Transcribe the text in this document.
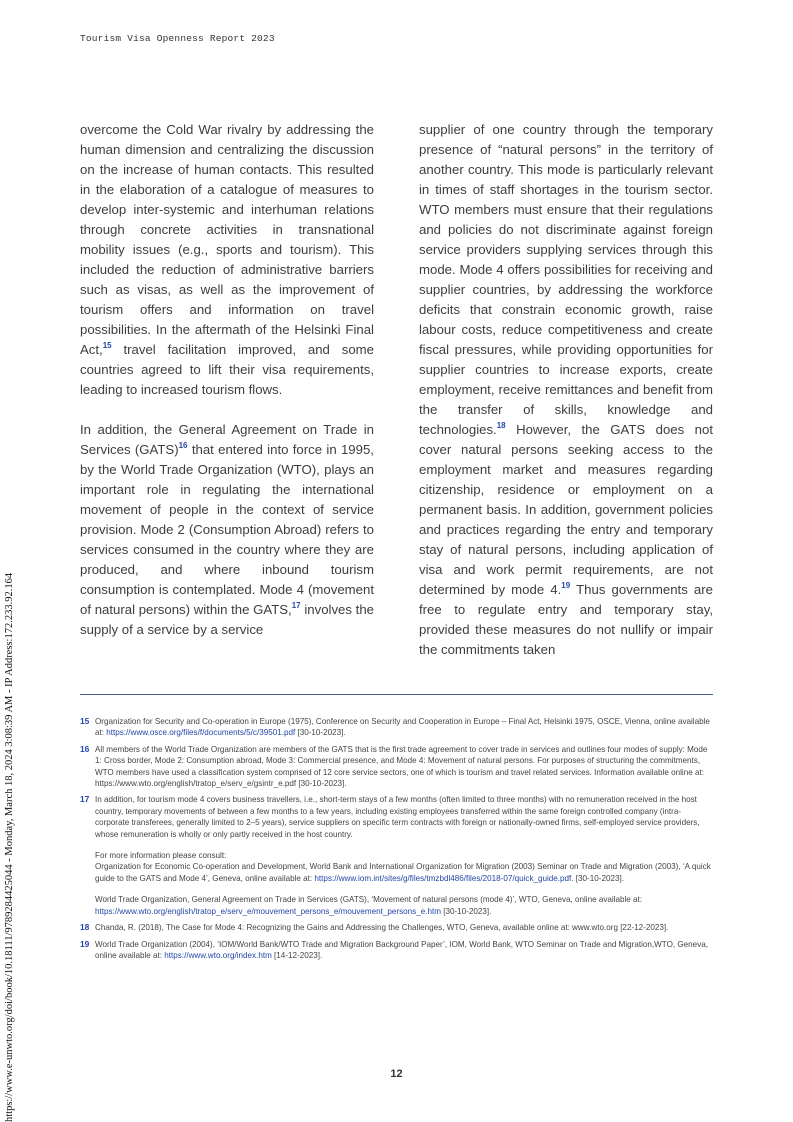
Tourism Visa Openness Report 2023
https://www.e-unwto.org/doi/book/10.18111/9789284425044 - Monday, March 18, 2024 3:08:39 AM - IP Address:172.233.92.164

overcome the Cold War rivalry by addressing the human dimension and centralizing the discussion on the increase of human contacts. This resulted in the elaboration of a catalogue of measures to develop inter-systemic and interhuman relations through concrete activities in transnational mobility issues (e.g., sports and tourism). This included the reduction of administrative barriers such as visas, as well as the improvement of tourism offers and information on travel possibilities. In the aftermath of the Helsinki Final Act,$^{15}$ travel facilitation improved, and some countries agreed to lift their visa requirements, leading to increased tourism flows.

In addition, the General Agreement on Trade in Services (GATS)$^{16}$ that entered into force in 1995, by the World Trade Organization (WTO), plays an important role in regulating the international movement of people in the context of service provision. Mode 2 (Consumption Abroad) refers to services consumed in the country where they are produced, and where inbound tourism consumption is contemplated. Mode 4 (movement of natural persons) within the GATS,$^{17}$ involves the supply of a service by a service

supplier of one country through the temporary presence of “natural persons” in the territory of another country. This mode is particularly relevant in times of staff shortages in the tourism sector. WTO members must ensure that their regulations and policies do not discriminate against foreign service providers supplying services through this mode. Mode 4 offers possibilities for receiving and supplier countries, by addressing the workforce deficits that constrain economic growth, raise labour costs, reduce competitiveness and create fiscal pressures, while providing opportunities for supplier countries to increase exports, create employment, receive remittances and benefit from the transfer of skills, knowledge and technologies.$^{18}$ However, the GATS does not cover natural persons seeking access to the employment market and measures regarding citizenship, residence or employment on a permanent basis. In addition, government policies and practices regarding the entry and temporary stay of natural persons, including application of visa and work permit requirements, are not determined by mode 4.19 Thus governments are free to regulate entry and temporary stay, provided these measures do not nullify or impair the commitments taken

15 Organization for Security and Co-operation in Europe (1975), Conference on Security and Cooperation in Europe – Final Act, Helsinki 1975, OSCE, Vienna, online available at: https://www.osce.org/files/f/documents/5/c/39501.pdf [30-10-2023].
16 All members of the World Trade Organization are members of the GATS that is the first trade agreement to cover trade in services and outlines four modes of supply: Mode 1: Cross border, Mode 2: Consumption abroad, Mode 3: Commercial presence, and Mode 4: Movement of natural persons. For purposes of structuring the commitments, WTO members have used a classification system comprised of 12 core service sectors, one of which is tourism and travel related services. Information available online at: https://www.wto.org/english/tratop_e/serv_e/gsintr_e.pdf [30-10-2023].
17 In addition, for tourism mode 4 covers business travellers, i.e., short-term stays of a few months (often limited to three months) with no remuneration received in the host country, temporary movements of between a few months to a few years, including existing employees transferred within the same foreign controlled company (intra-corporate transferees, generally limited to 2–5 years), service suppliers on specific term contracts with foreign or nationally-owned firms, self-employed service providers, whose remuneration is wholly or only partly received in the host country.
For more information please consult:
Organization for Economic Co-operation and Development, World Bank and International Organization for Migration (2003) Seminar on Trade and Migration (2003), ‘A quick guide to the GATS and Mode 4’, Geneva, online available at: https://www.iom.int/sites/g/files/tmzbdl486/files/2018-07/quick_guide.pdf. [30-10-2023].
World Trade Organization, General Agreement on Trade in Services (GATS), ‘Movement of natural persons (mode 4)’, WTO, Geneva, online available at: https://www.wto.org/english/tratop_e/serv_e/mouvement_persons_e/mouvement_persons_e.htm [30-10-2023].
18 Chanda, R. (2018), The Case for Mode 4: Recognizing the Gains and Addressing the Challenges, WTO, Geneva, available online at: www.wto.org [22-12-2023].
19 World Trade Organization (2004), ‘IOM/World Bank/WTO Trade and Migration Background Paper’, IOM, World Bank, WTO Seminar on Trade and Migration,WTO, Geneva, online available at: https://www.wto.org/index.htm [14-12-2023].
12
